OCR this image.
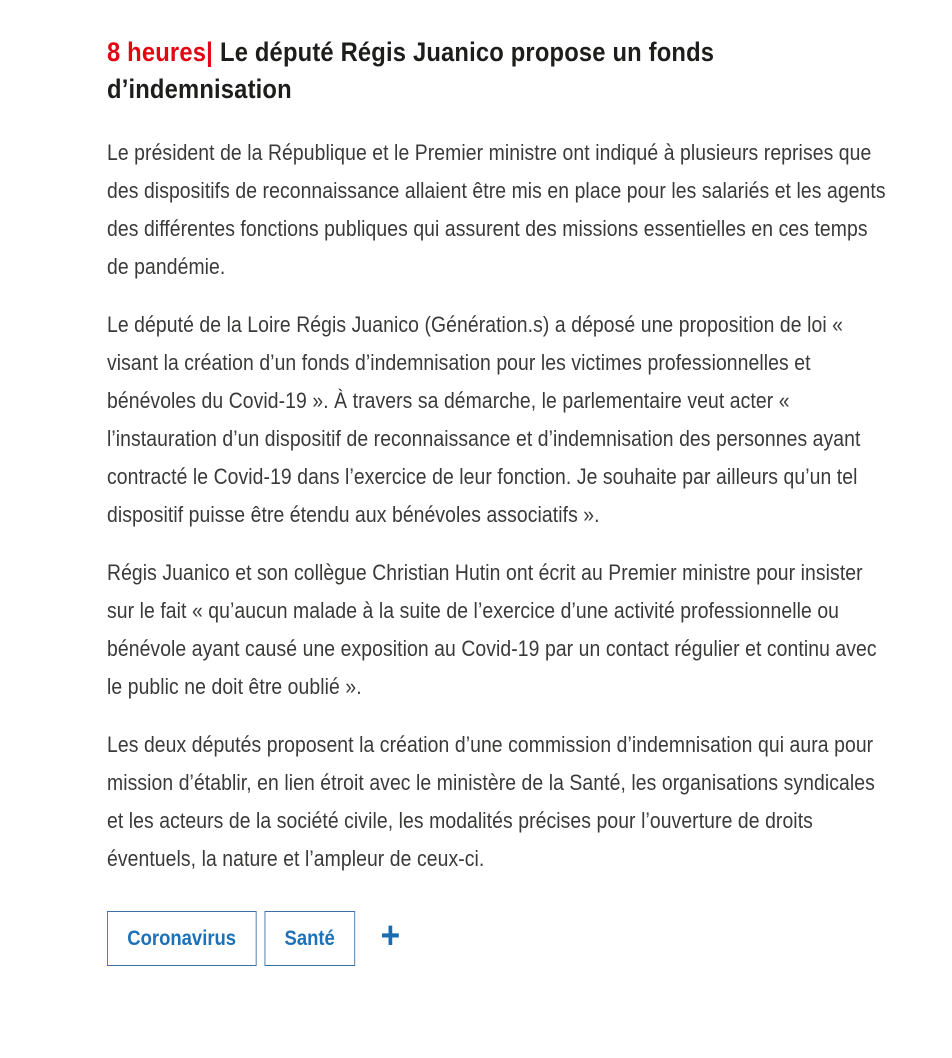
8 heures| Le député Régis Juanico propose un fonds d’indemnisation

Le président de la République et le Premier ministre ont indiqué à plusieurs reprises que des dispositifs de reconnaissance allaient être mis en place pour les salariés et les agents des différentes fonctions publiques qui assurent des missions essentielles en ces temps de pandémie.

Le député de la Loire Régis Juanico (Génération.s) a déposé une proposition de loi « visant la création d’un fonds d’indemnisation pour les victimes professionnelles et bénévoles du Covid-19 ». À travers sa démarche, le parlementaire veut acter « l’instauration d’un dispositif de reconnaissance et d’indemnisation des personnes ayant contracté le Covid-19 dans l’exercice de leur fonction. Je souhaite par ailleurs qu’un tel dispositif puisse être étendu aux bénévoles associatifs ».

Régis Juanico et son collègue Christian Hutin ont écrit au Premier ministre pour insister sur le fait « qu’aucun malade à la suite de l’exercice d’une activité professionnelle ou bénévole ayant causé une exposition au Covid-19 par un contact régulier et continu avec le public ne doit être oublié ».

Les deux députés proposent la création d’une commission d’indemnisation qui aura pour mission d’établir, en lien étroit avec le ministère de la Santé, les organisations syndicales et les acteurs de la société civile, les modalités précises pour l’ouverture de droits éventuels, la nature et l’ampleur de ceux-ci.

Coronavirus	Santé	+
